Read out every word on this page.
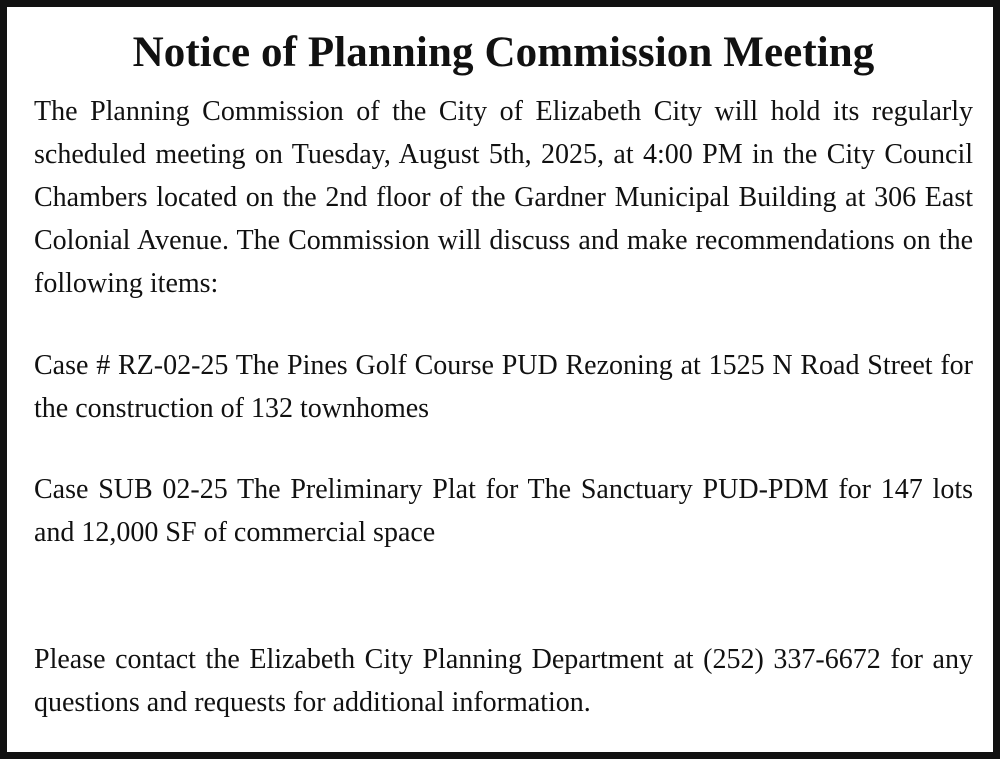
Notice of Planning Commission Meeting

The Planning Commission of the City of Elizabeth City will hold its regularly scheduled meeting on Tuesday, August 5th, 2025, at 4:00 PM in the City Council Chambers located on the 2nd floor of the Gardner Municipal Building at 306 East Colonial Avenue. The Commission will discuss and make recommendations on the following items:

Case # RZ-02-25 The Pines Golf Course PUD Rezoning at 1525 N Road Street for the construction of 132 townhomes

Case SUB 02-25 The Preliminary Plat for The Sanctuary PUD-PDM for 147 lots and 12,000 SF of commercial space

Please contact the Elizabeth City Planning Department at (252) 337-6672 for any questions and requests for additional information.
